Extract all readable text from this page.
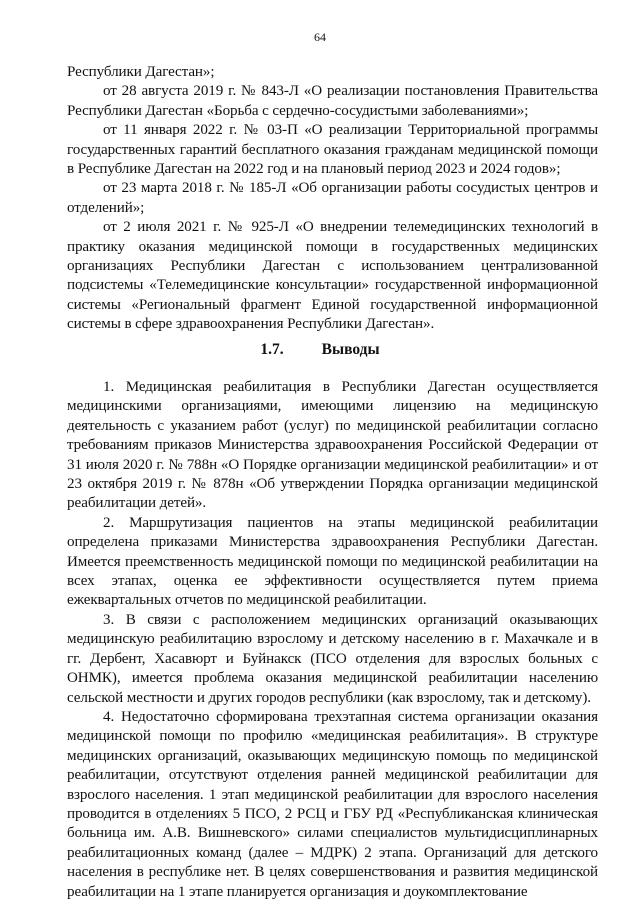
64

Республики Дагестан»;

от 28 августа 2019 г. № 843-Л «О реализации постановления Правительства Республики Дагестан «Борьба с сердечно-сосудистыми заболеваниями»;

от 11 января 2022 г. № 03-П «О реализации Территориальной программы государственных гарантий бесплатного оказания гражданам медицинской помощи в Республике Дагестан на 2022 год и на плановый период 2023 и 2024 годов»;

от 23 марта 2018 г. № 185-Л «Об организации работы сосудистых центров и отделений»;

от 2 июля 2021 г. № 925-Л «О внедрении телемедицинских технологий в практику оказания медицинской помощи в государственных медицинских организациях Республики Дагестан с использованием централизованной подсистемы «Телемедицинские консультации» государственной информационной системы «Региональный фрагмент Единой государственной информационной системы в сфере здравоохранения Республики Дагестан».

1.7. Выводы

1. Медицинская реабилитация в Республики Дагестан осуществляется медицинскими организациями, имеющими лицензию на медицинскую деятельность с указанием работ (услуг) по медицинской реабилитации согласно требованиям приказов Министерства здравоохранения Российской Федерации от 31 июля 2020 г. № 788н «О Порядке организации медицинской реабилитации» и от 23 октября 2019 г. № 878н «Об утверждении Порядка организации медицинской реабилитации детей».

2. Маршрутизация пациентов на этапы медицинской реабилитации определена приказами Министерства здравоохранения Республики Дагестан. Имеется преемственность медицинской помощи по медицинской реабилитации на всех этапах, оценка ее эффективности осуществляется путем приема ежеквартальных отчетов по медицинской реабилитации.

3. В связи с расположением медицинских организаций оказывающих медицинскую реабилитацию взрослому и детскому населению в г. Махачкале и в гг. Дербент, Хасавюрт и Буйнакск (ПСО отделения для взрослых больных с ОНМК), имеется проблема оказания медицинской реабилитации населению сельской местности и других городов республики (как взрослому, так и детскому).

4. Недостаточно сформирована трехэтапная система организации оказания медицинской помощи по профилю «медицинская реабилитация». В структуре медицинских организаций, оказывающих медицинскую помощь по медицинской реабилитации, отсутствуют отделения ранней медицинской реабилитации для взрослого населения. 1 этап медицинской реабилитации для взрослого населения проводится в отделениях 5 ПСО, 2 РСЦ и ГБУ РД «Республиканская клиническая больница им. А.В. Вишневского» силами специалистов мультидисциплинарных реабилитационных команд (далее – МДРК) 2 этапа. Организаций для детского населения в республике нет. В целях совершенствования и развития медицинской реабилитации на 1 этапе планируется организация и доукомплектование
